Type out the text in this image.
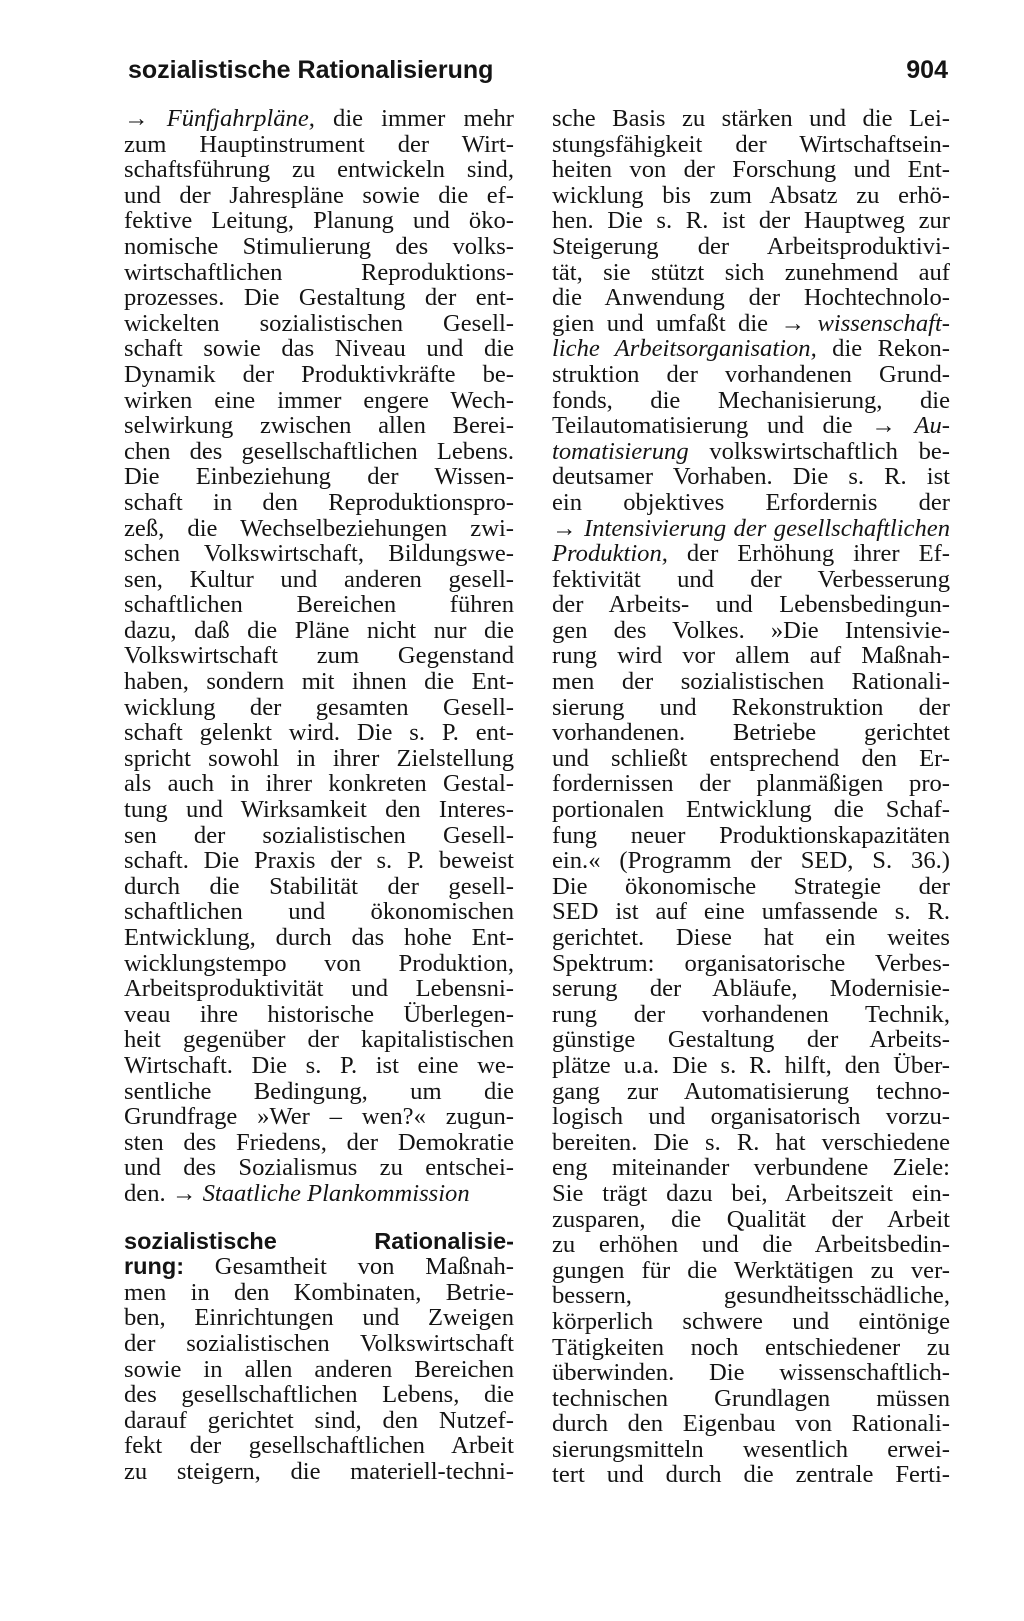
sozialistische Rationalisierung	904
→ Fünfjahrpläne, die immer mehr
zum Hauptinstrument der Wirt-
schaftsführung zu entwickeln sind,
und der Jahrespläne sowie die ef-
fektive Leitung, Planung und öko-
nomische Stimulierung des volks-
wirtschaftlichen Reproduktions-
prozesses. Die Gestaltung der ent-
wickelten sozialistischen Gesell-
schaft sowie das Niveau und die
Dynamik der Produktivkräfte be-
wirken eine immer engere Wech-
selwirkung zwischen allen Berei-
chen des gesellschaftlichen Lebens.
Die Einbeziehung der Wissen-
schaft in den Reproduktionspro-
zeß, die Wechselbeziehungen zwi-
schen Volkswirtschaft, Bildungswe-
sen, Kultur und anderen gesell-
schaftlichen Bereichen führen
dazu, daß die Pläne nicht nur die
Volkswirtschaft zum Gegenstand
haben, sondern mit ihnen die Ent-
wicklung der gesamten Gesell-
schaft gelenkt wird. Die s. P. ent-
spricht sowohl in ihrer Zielstellung
als auch in ihrer konkreten Gestal-
tung und Wirksamkeit den Interes-
sen der sozialistischen Gesell-
schaft. Die Praxis der s. P. beweist
durch die Stabilität der gesell-
schaftlichen und ökonomischen
Entwicklung, durch das hohe Ent-
wicklungstempo von Produktion,
Arbeitsproduktivität und Lebensni-
veau ihre historische Überlegen-
heit gegenüber der kapitalistischen
Wirtschaft. Die s. P. ist eine we-
sentliche Bedingung, um die
Grundfrage »Wer – wen?« zugun-
sten des Friedens, der Demokratie
und des Sozialismus zu entschei-
den. → Staatliche Plankommission
sozialistische Rationalisie-
rung: Gesamtheit von Maßnah-
men in den Kombinaten, Betrie-
ben, Einrichtungen und Zweigen
der sozialistischen Volkswirtschaft
sowie in allen anderen Bereichen
des gesellschaftlichen Lebens, die
darauf gerichtet sind, den Nutzef-
fekt der gesellschaftlichen Arbeit
zu steigern, die materiell-techni-
sche Basis zu stärken und die Lei-
stungsfähigkeit der Wirtschaftsein-
heiten von der Forschung und Ent-
wicklung bis zum Absatz zu erhö-
hen. Die s. R. ist der Hauptweg zur
Steigerung der Arbeitsproduktivi-
tät, sie stützt sich zunehmend auf
die Anwendung der Hochtechnolo-
gien und umfaßt die → wissenschaft-
liche Arbeitsorganisation, die Rekon-
struktion der vorhandenen Grund-
fonds, die Mechanisierung, die
Teilautomatisierung und die → Au-
tomatisierung volkswirtschaftlich be-
deutsamer Vorhaben. Die s. R. ist
ein objektives Erfordernis der
→ Intensivierung der gesellschaftlichen
Produktion, der Erhöhung ihrer Ef-
fektivität und der Verbesserung
der Arbeits- und Lebensbedingun-
gen des Volkes. »Die Intensivie-
rung wird vor allem auf Maßnah-
men der sozialistischen Rationali-
sierung und Rekonstruktion der
vorhandenen. Betriebe gerichtet
und schließt entsprechend den Er-
fordernissen der planmäßigen pro-
portionalen Entwicklung die Schaf-
fung neuer Produktionskapazitäten
ein.« (Programm der SED, S. 36.)
Die ökonomische Strategie der
SED ist auf eine umfassende s. R.
gerichtet. Diese hat ein weites
Spektrum: organisatorische Verbes-
serung der Abläufe, Modernisie-
rung der vorhandenen Technik,
günstige Gestaltung der Arbeits-
plätze u.a. Die s. R. hilft, den Über-
gang zur Automatisierung techno-
logisch und organisatorisch vorzu-
bereiten. Die s. R. hat verschiedene
eng miteinander verbundene Ziele:
Sie trägt dazu bei, Arbeitszeit ein-
zusparen, die Qualität der Arbeit
zu erhöhen und die Arbeitsbedin-
gungen für die Werktätigen zu ver-
bessern, gesundheitsschädliche,
körperlich schwere und eintönige
Tätigkeiten noch entschiedener zu
überwinden. Die wissenschaftlich-
technischen Grundlagen müssen
durch den Eigenbau von Rationali-
sierungsmitteln wesentlich erwei-
tert und durch die zentrale Ferti-
